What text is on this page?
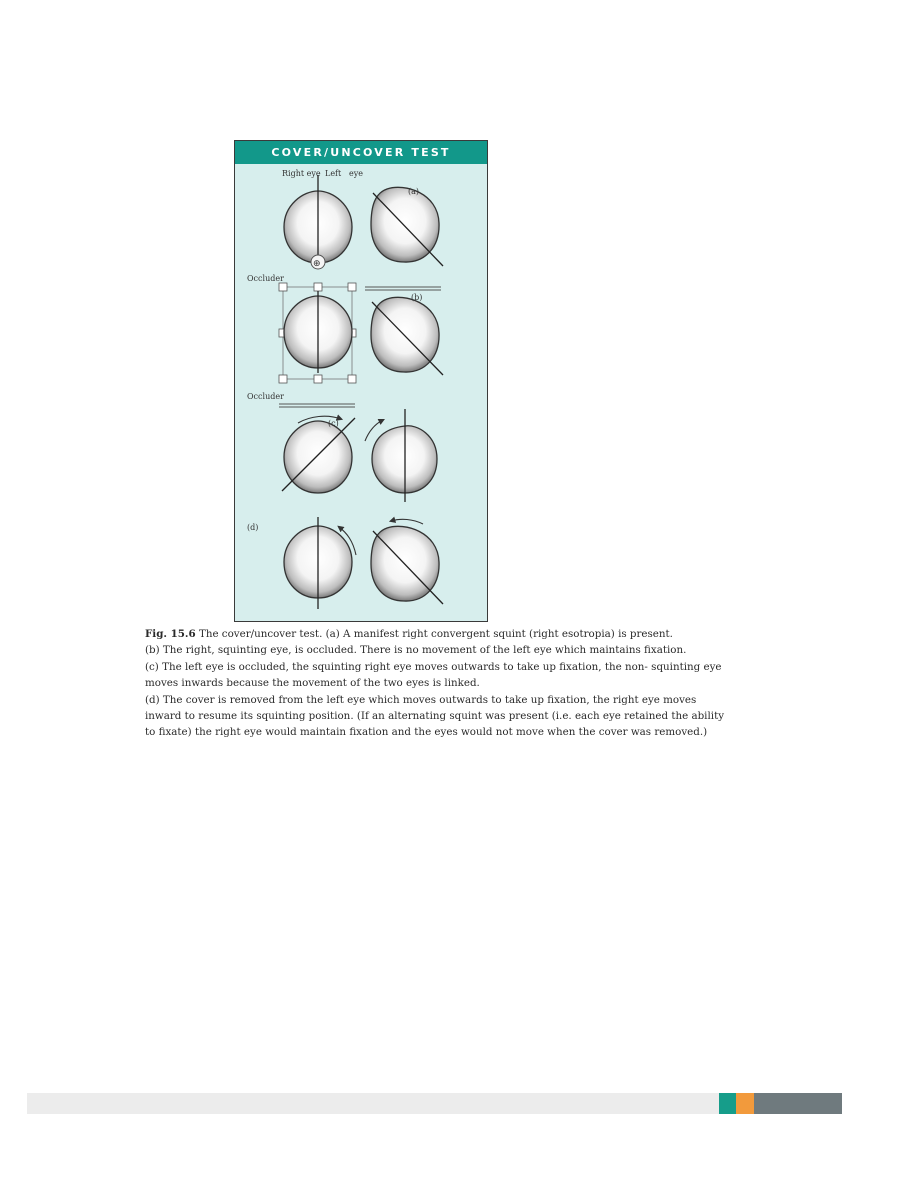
Right eye Left eye
⊕
(a)
Occluder
(b)
Occluder
(c)
(d)
COVER/UNCOVER TEST

Fig. 15.6 The cover/uncover test. (a) A manifest right convergent squint (right esotropia) is present.

(b) The right, squinting eye, is occluded. There is no movement of the left eye which maintains fixation.

(c) The left eye is occluded, the squinting right eye moves outwards to take up fixation, the non- squinting eye moves inwards because the movement of the two eyes is linked.

(d) The cover is removed from the left eye which moves outwards to take up fixation, the right eye moves inward to resume its squinting position. (If an alternating squint was present (i.e. each eye retained the ability to fixate) the right eye would maintain fixation and the eyes would not move when the cover was removed.)
